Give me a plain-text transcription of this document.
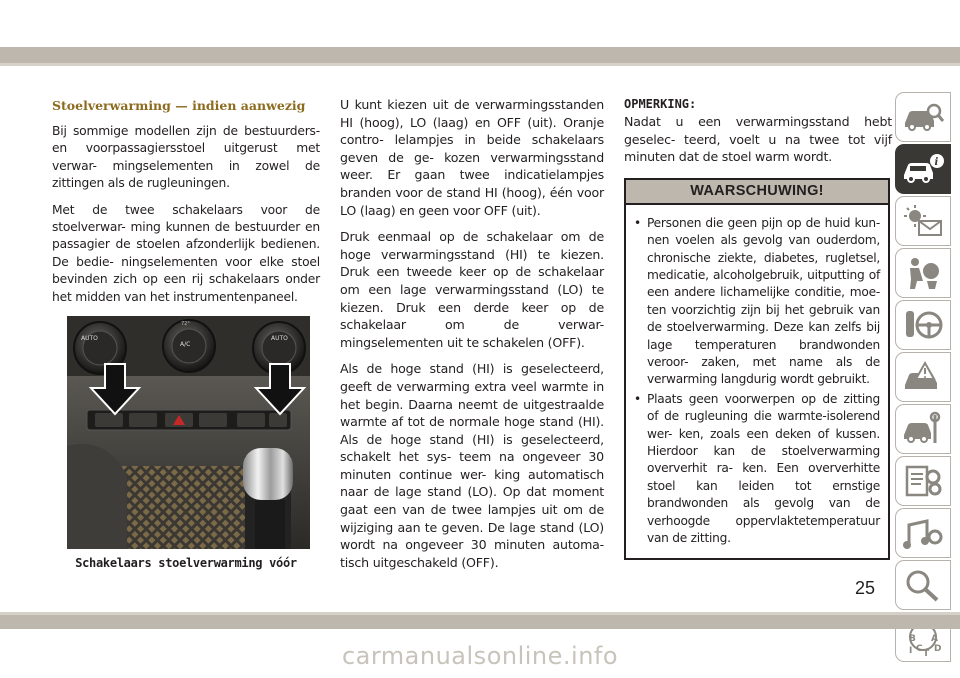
Stoelverwarming — indien aanwezig

Bij sommige modellen zijn de bestuurders- en voorpassagiersstoel uitgerust met verwar- mingselementen in zowel de zittingen als de rugleuningen.

Met de twee schakelaars voor de stoelverwar- ming kunnen de bestuurder en passagier de stoelen afzonderlijk bedienen. De bedie- ningselementen voor elke stoel bevinden zich op een rij schakelaars onder het midden van het instrumentenpaneel.

AUTO
A/C
72°
AUTO
Schakelaars stoelverwarming vóór

U kunt kiezen uit de verwarmingsstanden HI (hoog), LO (laag) en OFF (uit). Oranje contro- lelampjes in beide schakelaars geven de ge- kozen verwarmingsstand weer. Er gaan twee indicatielampjes branden voor de stand HI (hoog), één voor LO (laag) en geen voor OFF (uit).

Druk eenmaal op de schakelaar om de hoge verwarmingsstand (HI) te kiezen. Druk een tweede keer op de schakelaar om een lage verwarmingsstand (LO) te kiezen. Druk een derde keer op de schakelaar om de verwar- mingselementen uit te schakelen (OFF).

Als de hoge stand (HI) is geselecteerd, geeft de verwarming extra veel warmte in het begin. Daarna neemt de uitgestraalde warmte af tot de normale hoge stand (HI). Als de hoge stand (HI) is geselecteerd, schakelt het sys- teem na ongeveer 30 minuten continue wer- king automatisch naar de lage stand (LO). Op dat moment gaat een van de twee lampjes uit om de wijziging aan te geven. De lage stand (LO) wordt na ongeveer 30 minuten automa- tisch uitgeschakeld (OFF).

OPMERKING:

Nadat u een verwarmingsstand hebt geselec- teerd, voelt u na twee tot vijf minuten dat de stoel warm wordt.

WAARSCHUWING!
• Personen die geen pijn op de huid kun- nen voelen als gevolg van ouderdom, chronische ziekte, diabetes, rugletsel, medicatie, alcoholgebruik, uitputting of een andere lichamelijke conditie, moe- ten voorzichtig zijn bij het gebruik van de stoelverwarming. Deze kan zelfs bij lage temperaturen brandwonden veroor- zaken, met name als de verwarming langdurig wordt gebruikt.
• Plaats geen voorwerpen op de zitting of de rugleuning die warmte-isolerend wer- ken, zoals een deken of kussen. Hierdoor kan de stoelverwarming oververhit ra- ken. Een oververhitte stoel kan leiden tot ernstige brandwonden als gevolg van de verhoogde oppervlaktetemperatuur van de zitting.
i
B A
C D
I T
25
carmanualsonline.info
